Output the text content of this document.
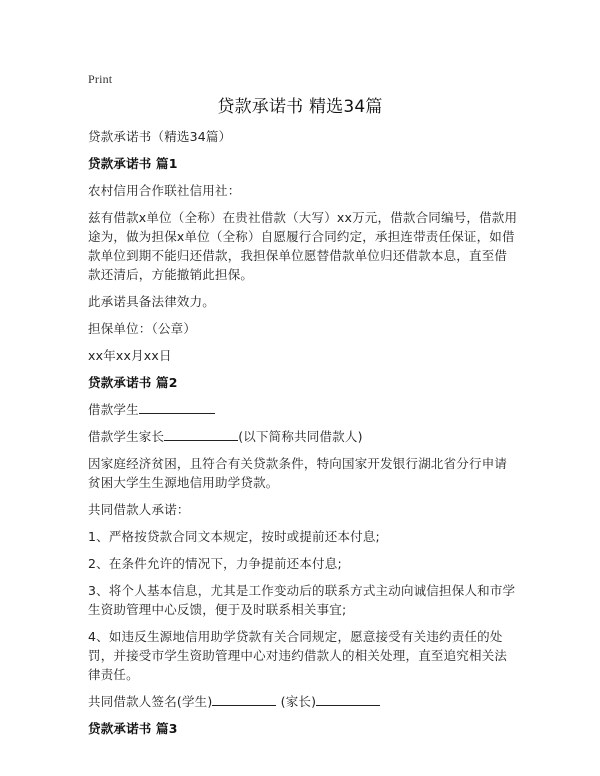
Print
贷款承诺书 精选34篇
贷款承诺书（精选34篇）
贷款承诺书 篇1
农村信用合作联社信用社：
兹有借款x单位（全称）在贵社借款（大写）xx万元，借款合同编号，借款用途为，做为担保x单位（全称）自愿履行合同约定，承担连带责任保证，如借款单位到期不能归还借款，我担保单位愿替借款单位归还借款本息，直至借款还清后，方能撤销此担保。
此承诺具备法律效力。
担保单位：（公章）
xx年xx月xx日
贷款承诺书 篇2
借款学生
借款学生家长	(以下简称共同借款人)
因家庭经济贫困，且符合有关贷款条件，特向国家开发银行湖北省分行申请贫困大学生生源地信用助学贷款。
共同借款人承诺：
1、严格按贷款合同文本规定，按时或提前还本付息;
2、在条件允许的情况下，力争提前还本付息;
3、将个人基本信息，尤其是工作变动后的联系方式主动向诚信担保人和市学生资助管理中心反馈，便于及时联系相关事宜;
4、如违反生源地信用助学贷款有关合同规定，愿意接受有关违约责任的处罚，并接受市学生资助管理中心对违约借款人的相关处理，直至追究相关法律责任。
共同借款人签名(学生)	(家长)
贷款承诺书 篇3
